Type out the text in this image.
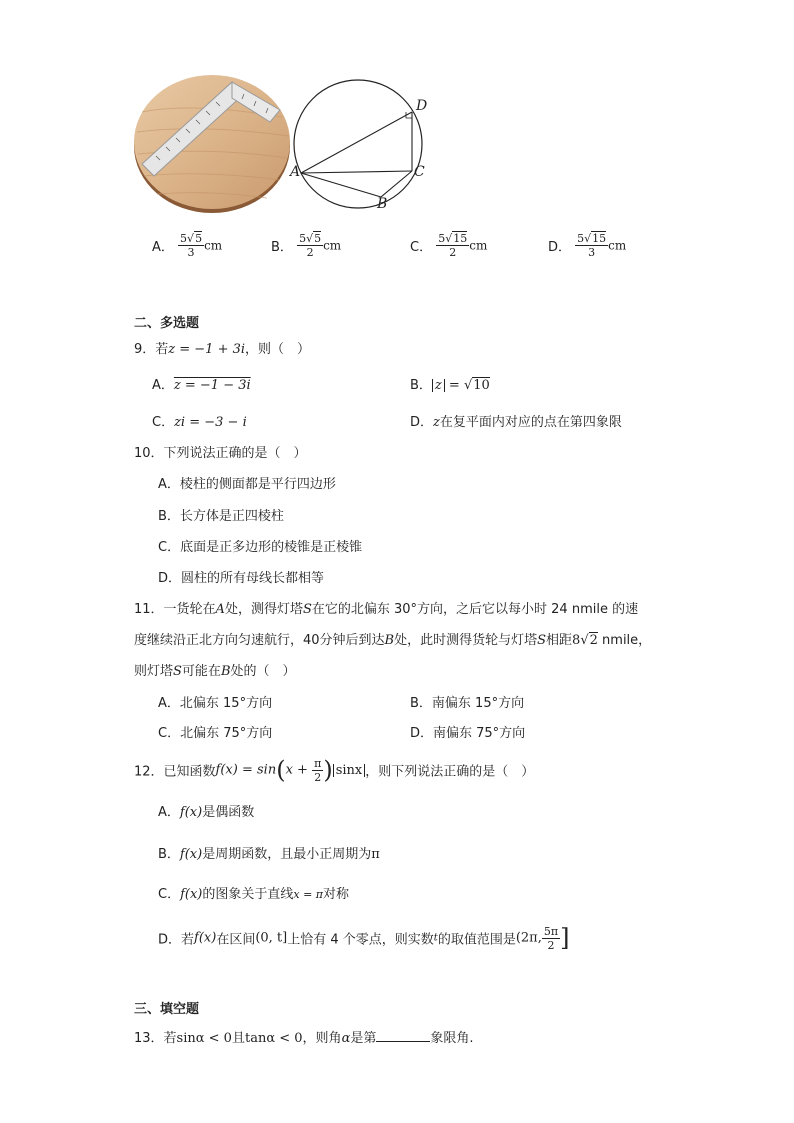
D
A	C
B
A． $\frac{5√5}{3}$ cm	B． $\frac{5√5}{2}$ cm	C． $\frac{5√15}{2}$ cm	D． $\frac{5√15}{3}$ cm
二、多选题
9．若z = −1 + 3i，则（　）
A．z = −1 − 3i	B． z = √10
C．zi = −3 − i	D．z在复平面内对应的点在第四象限
10．下列说法正确的是（　）
A．棱柱的侧面都是平行四边形
B．长方体是正四棱柱
C．底面是正多边形的棱锥是正棱锥
D．圆柱的所有母线长都相等
11．一货轮在A处，测得灯塔S在它的北偏东 30°方向，之后它以每小时 24 nmile 的速
度继续沿正北方向匀速航行，40分钟后到达B处，此时测得货轮与灯塔S相距8√2 nmile，
则灯塔S可能在B处的（　）
A．北偏东 15°方向	B．南偏东 15°方向
C．北偏东 75°方向	D．南偏东 75°方向
12．已知函数$f(x) = \sin(x + \frac{\pi}{2}$ ) sinx ，则下列说法正确的是（　）
A．f(x)是偶函数
B．f(x)是周期函数，且最小正周期为π
C．f(x)的图象关于直线x = π对称
D．若f(x)在区间(0, t]上恰有 4 个零点，则实数t的取值范围是(2π, $\frac{5\pi}{2}$ ]
三、填空题
13．若sinα < 0且tanα < 0，则角α是第	象限角.
